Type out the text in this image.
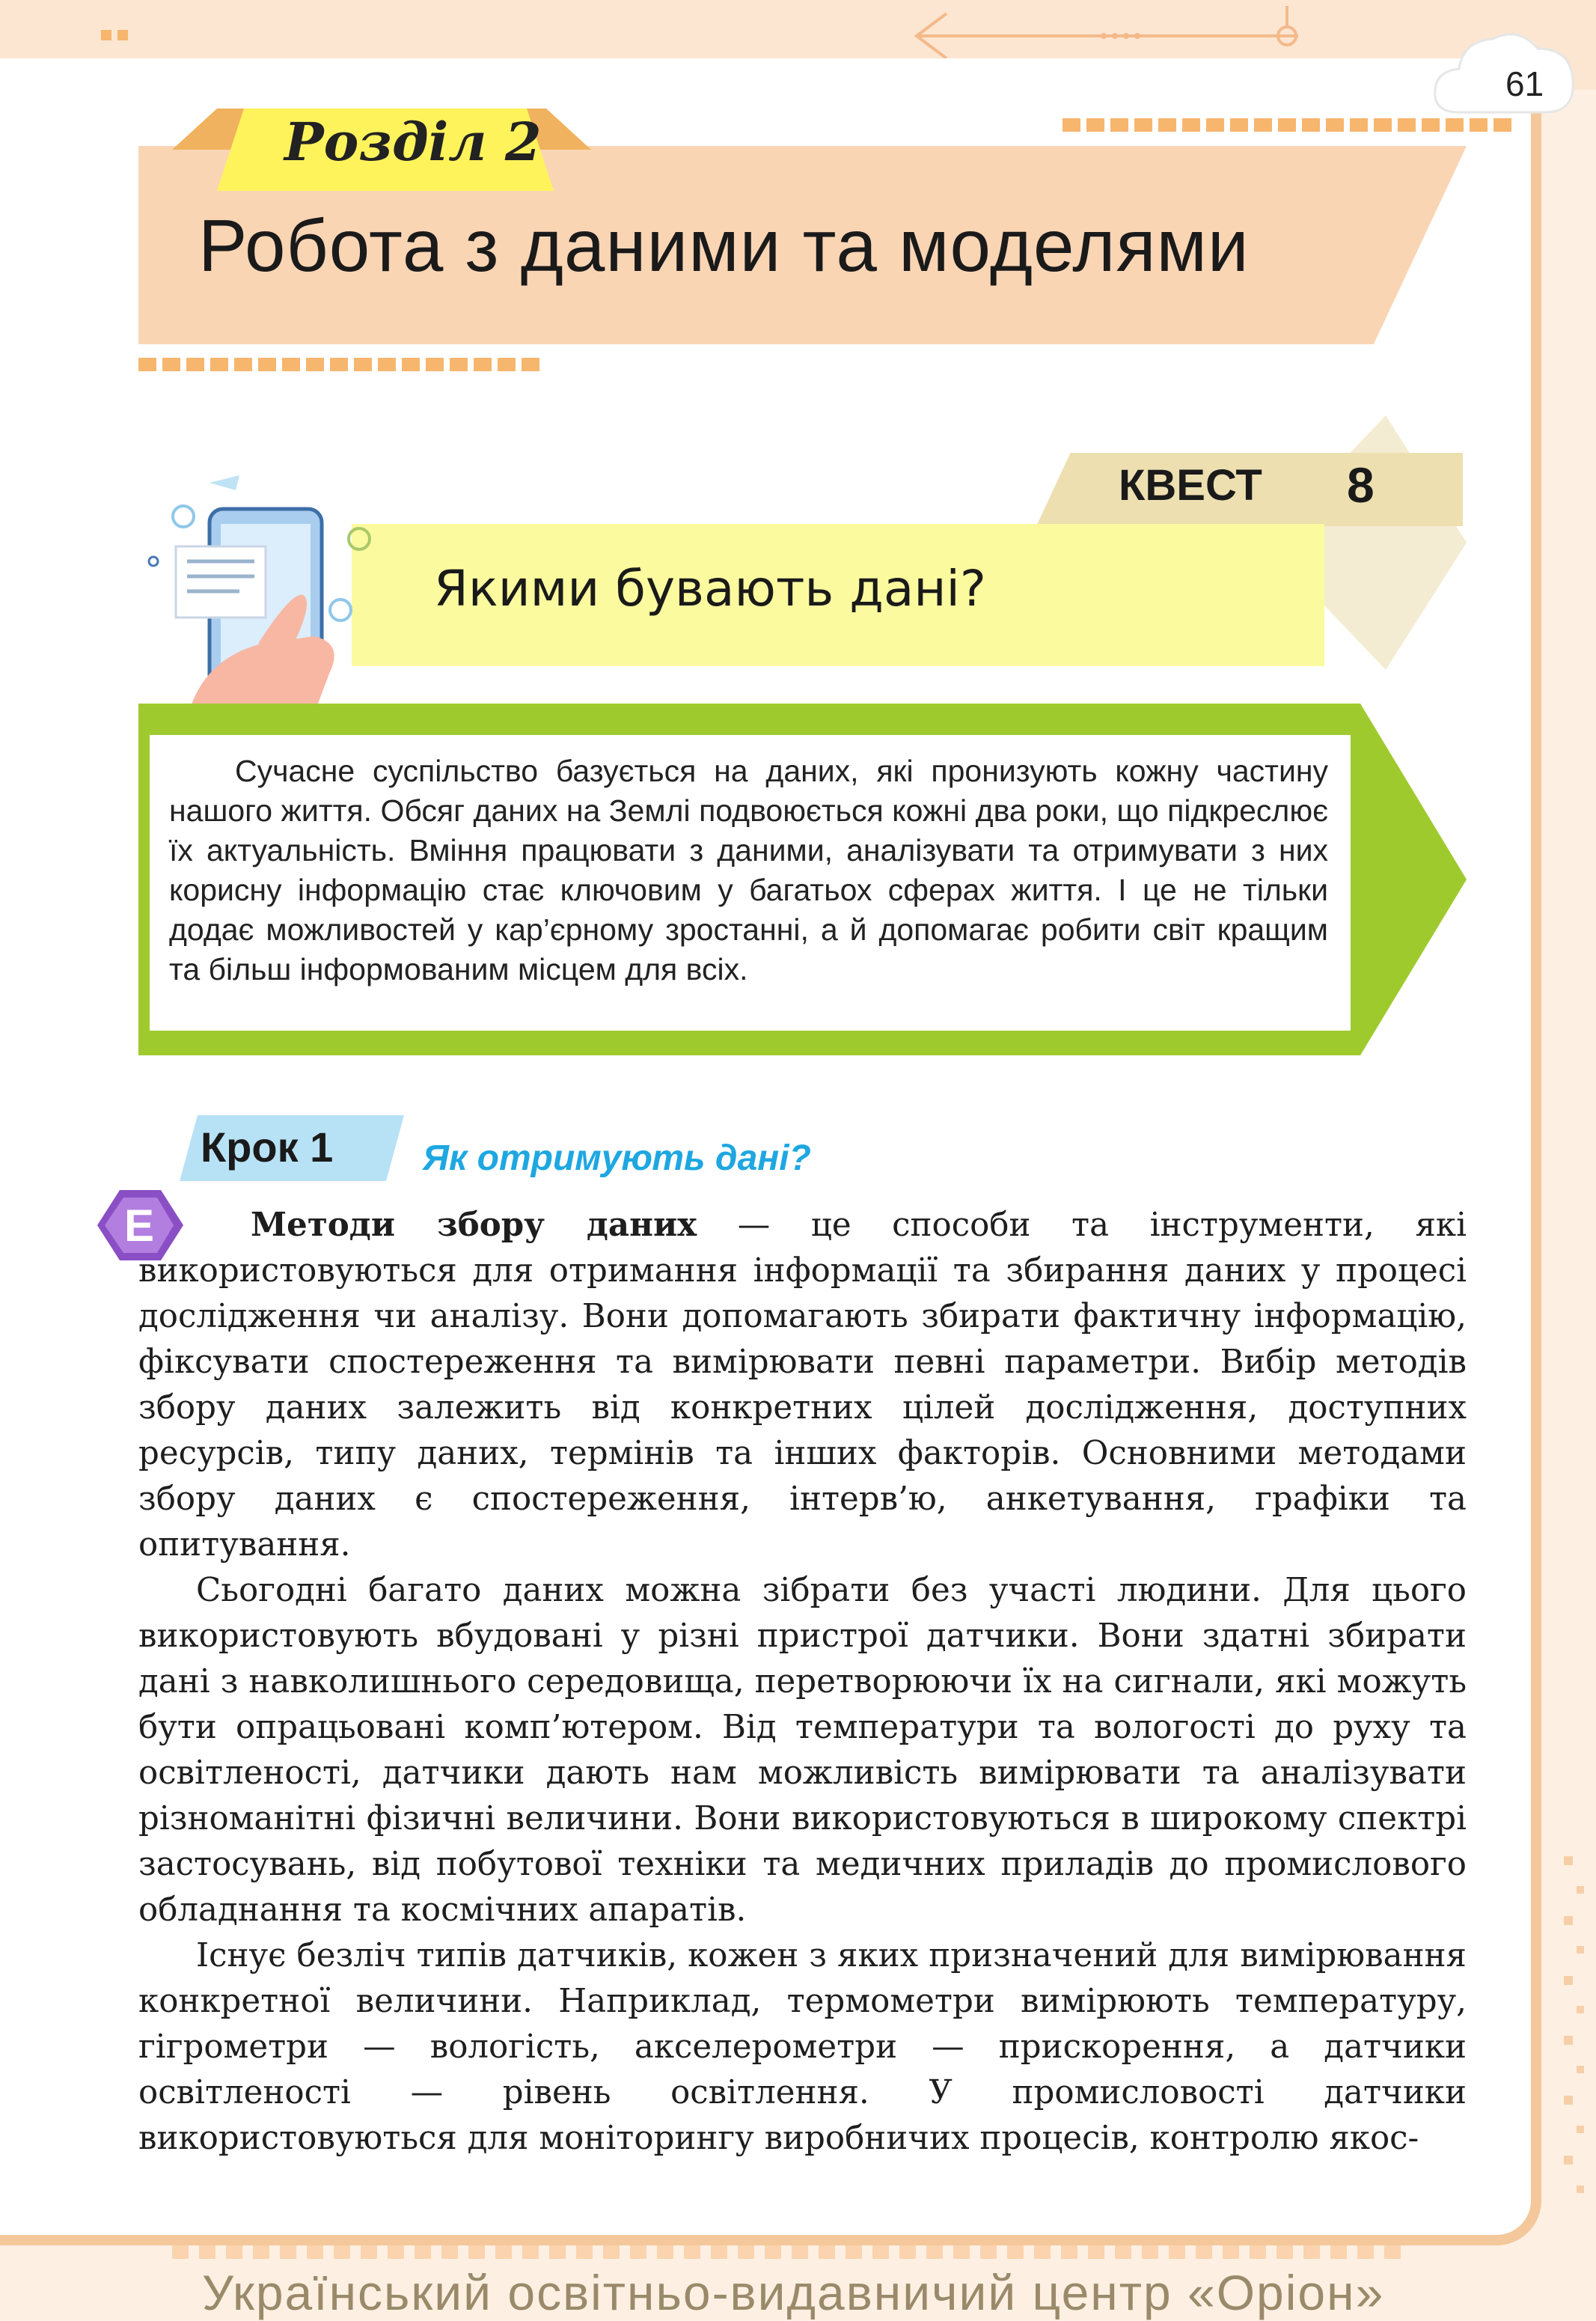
61
Розділ 2
Робота з даними та моделями
КВЕСТ 8
Якими бувають дані?
Сучасне суспільство базується на даних, які пронизують кожну частину нашого життя. Обсяг даних на Землі подвоюється кожні два роки, що підкреслює їх актуальність. Вміння працювати з даними, аналізувати та отримувати з них корисну інформацію стає ключовим у багатьох сферах життя. І це не тільки додає можливостей у кар’єрному зростанні, а й допомагає робити світ кращим та більш інформованим місцем для всіх.
Крок 1 Як отримують дані?
E	Методи збору даних — це способи та інструменти, які використовуються для отримання інформації та збирання даних у процесі дослідження чи аналізу. Вони допомагають збирати фактичну інформацію, фіксувати спостереження та вимірювати певні параметри. Вибір методів збору даних залежить від конкретних цілей дослідження, доступних ресурсів, типу даних, термінів та інших факторів. Основними методами збору даних є спостереження, інтерв’ю, анкетування, графіки та опитування.

Сьогодні багато даних можна зібрати без участі людини. Для цього використовують вбудовані у різні пристрої датчики. Вони здатні збирати дані з навколишнього середовища, перетворюючи їх на сигнали, які можуть бути опрацьовані комп’ютером. Від температури та вологості до руху та освітленості, датчики дають нам можливість вимірювати та аналізувати різноманітні фізичні величини. Вони використовуються в широкому спектрі застосувань, від побутової техніки та медичних приладів до промислового обладнання та космічних апаратів.

Існує безліч типів датчиків, кожен з яких призначений для вимірювання конкретної величини. Наприклад, термометри вимірюють температуру, гігрометри — вологість, акселерометри — прискорення, а датчики освітленості — рівень освітлення. У промисловості датчики використовуються для моніторингу виробничих процесів, контролю якос-

Український освітньо-видавничий центр «Оріон»
